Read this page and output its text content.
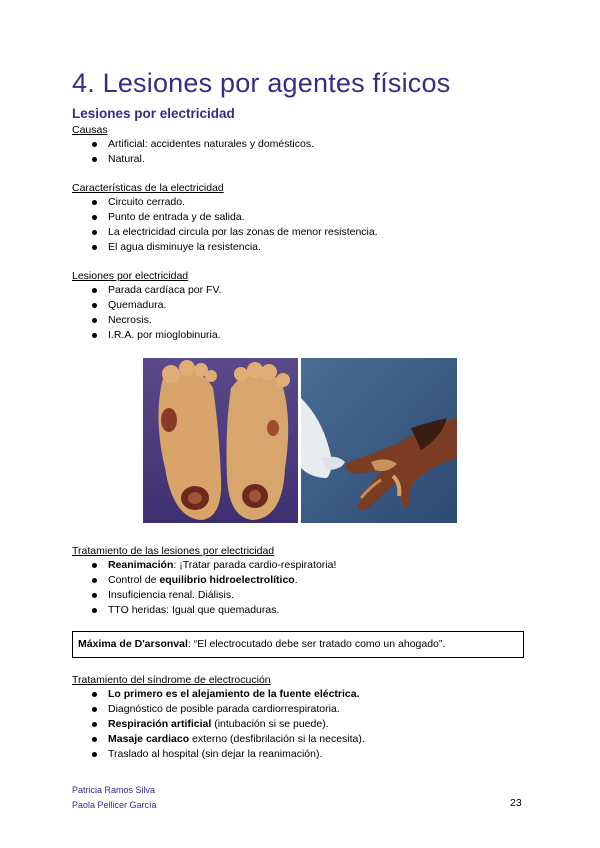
4. Lesiones por agentes físicos
Lesiones por electricidad

Causas

Artificial: accidentes naturales y domésticos.
Natural.

Características de la electricidad

Circuito cerrado.
Punto de entrada y de salida.
La electricidad circula por las zonas de menor resistencia.
El agua disminuye la resistencia.

Lesiones por electricidad

Parada cardíaca por FV.
Quemadura.
Necrosis.
I.R.A. por mioglobinuria.

Tratamiento de las lesiones por electricidad

Reanimación: ¡Tratar parada cardio-respiratoria!
Control de equilibrio hidroelectrolítico.
Insuficiencia renal. Diálisis.
TTO heridas: Igual que quemaduras.
Máxima de D'arsonval: “El electrocutado debe ser tratado como un ahogado”.

Tratamiento del síndrome de electrocución

Lo primero es el alejamiento de la fuente eléctrica.
Diagnóstico de posible parada cardiorrespiratoria.
Respiración artificial (intubación si se puede).
Masaje cardiaco externo (desfibrilación si la necesita).
Traslado al hospital (sin dejar la reanimación).
Patricia Ramos Silva
Paola Pellicer García	23
